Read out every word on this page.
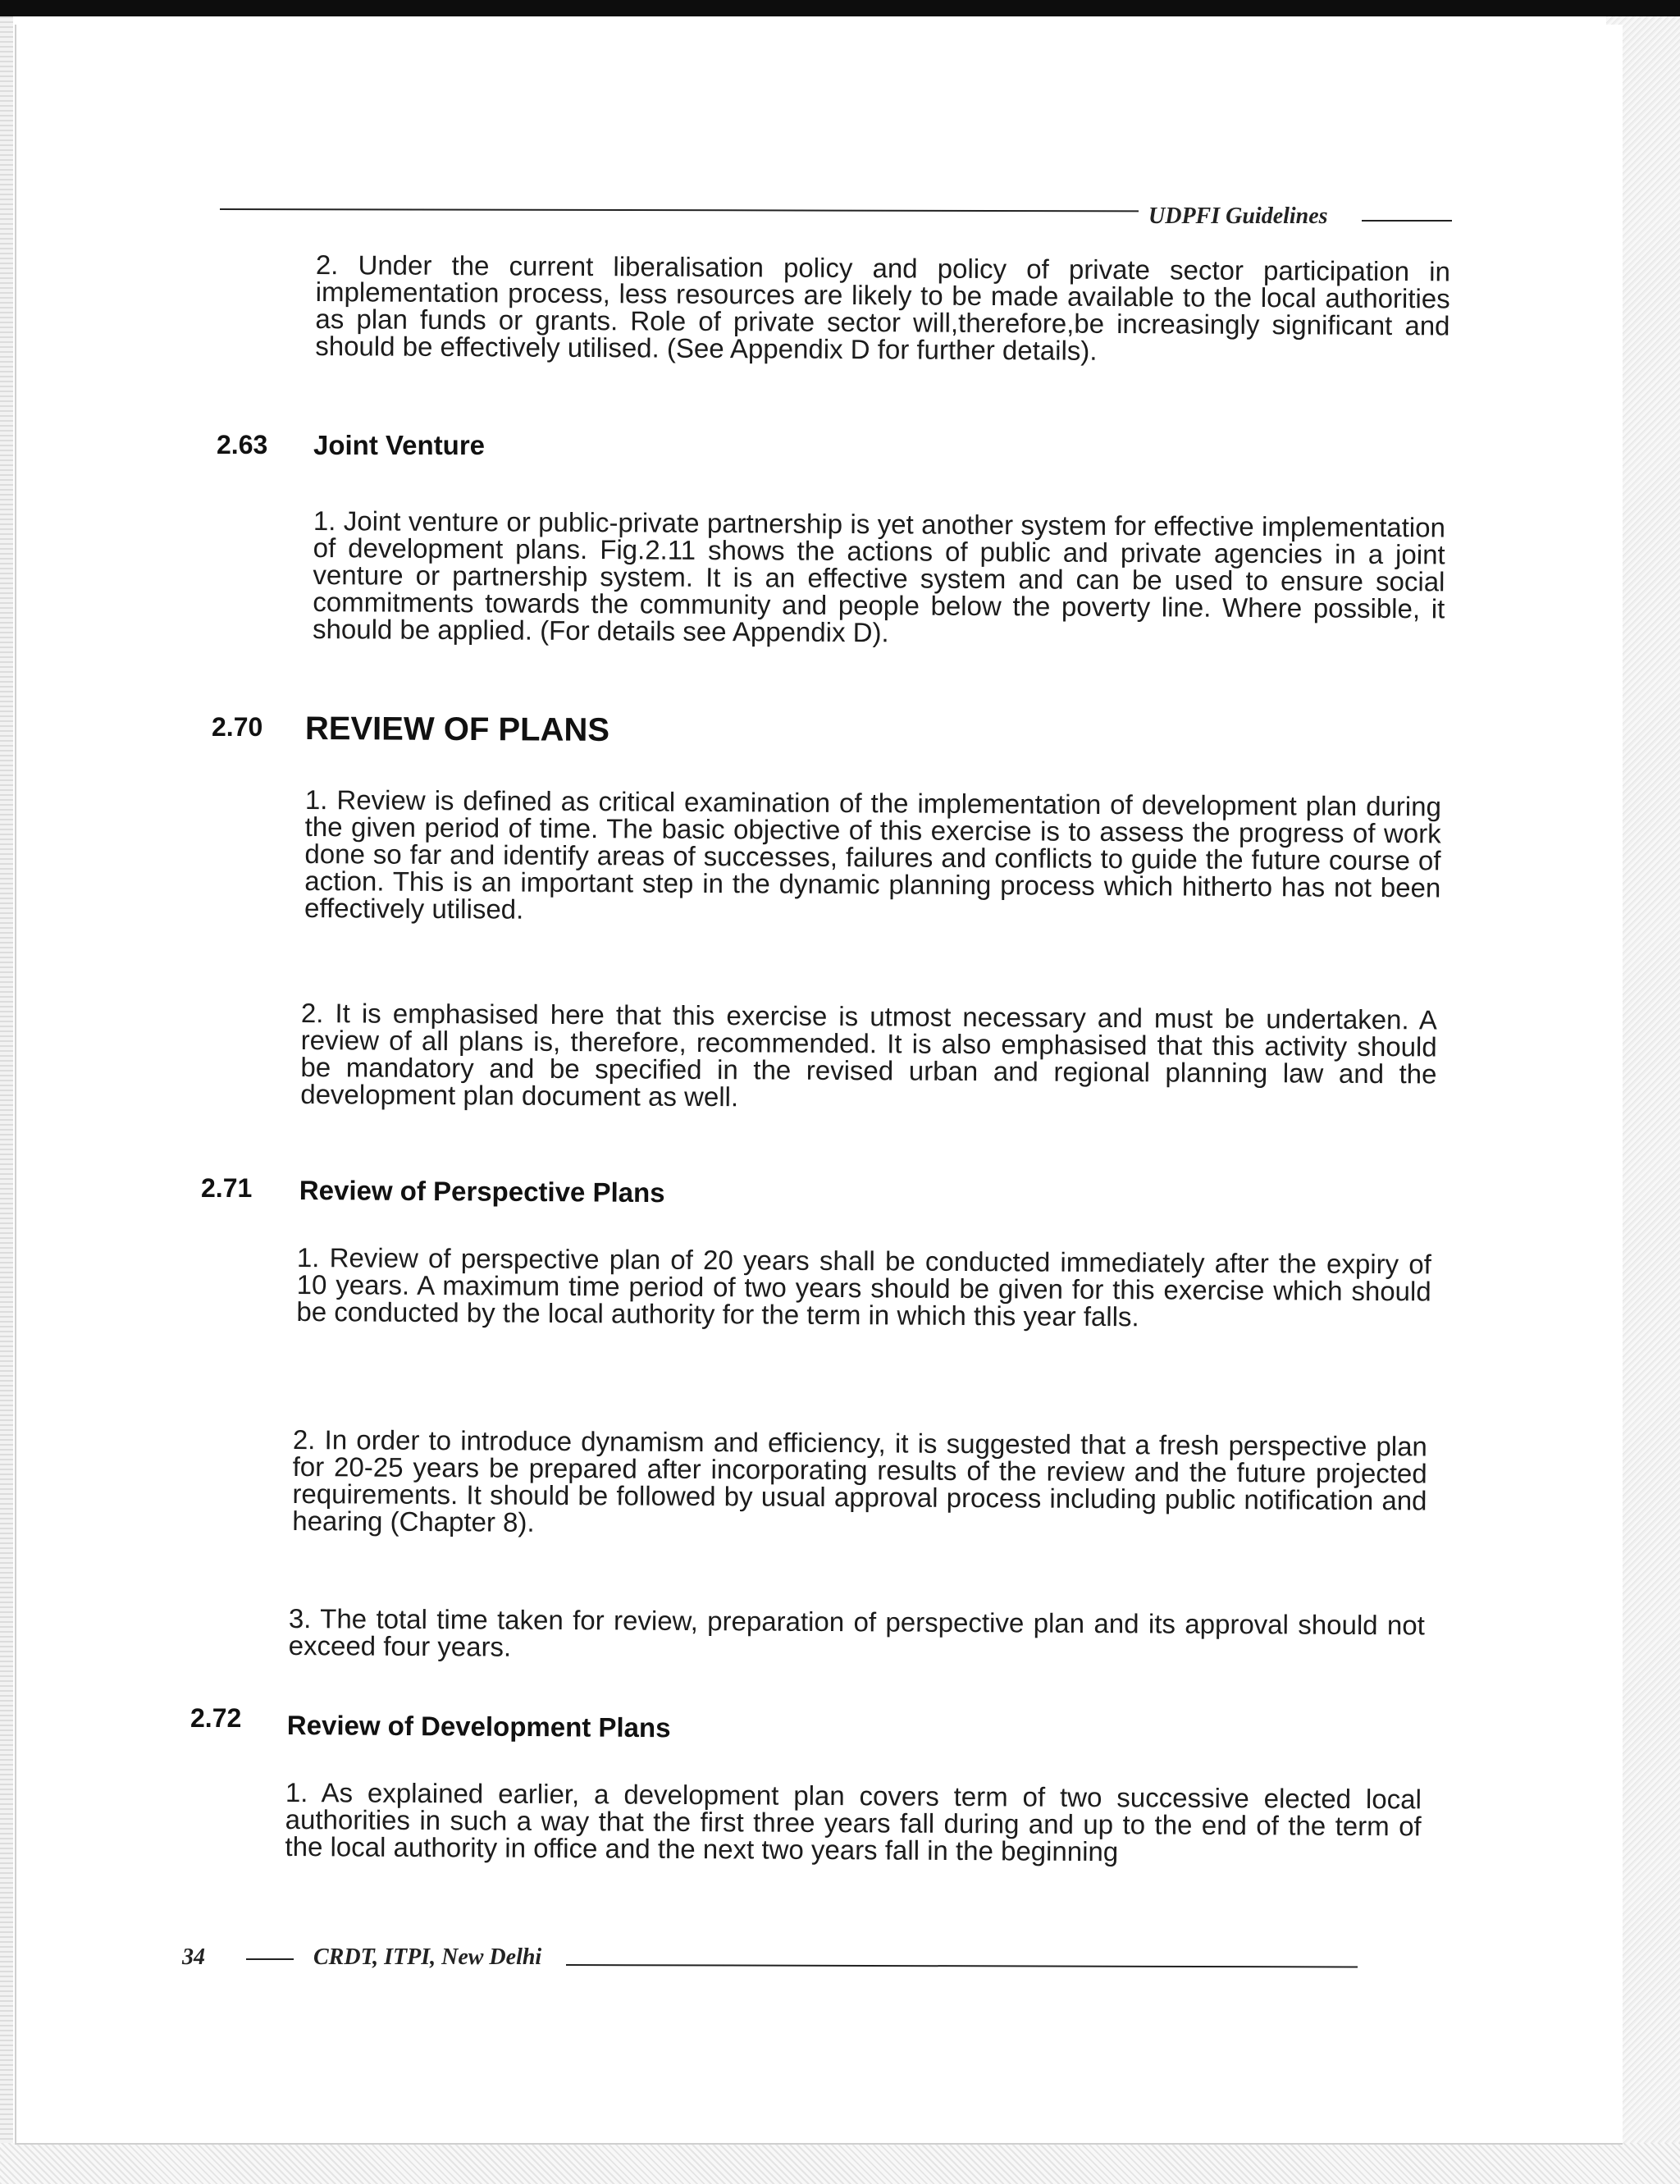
UDPFI Guidelines

2. Under the current liberalisation policy and policy of private sector participation in implementation process, less resources are likely to be made available to the local authorities as plan funds or grants. Role of private sector will,therefore,be increasingly significant and should be effectively utilised. (See Appendix D for further details).

2.63 Joint Venture

1. Joint venture or public-private partnership is yet another system for effective implementation of development plans. Fig.2.11 shows the actions of public and private agencies in a joint venture or partnership system. It is an effective system and can be used to ensure social commitments towards the community and people below the poverty line. Where possible, it should be applied. (For details see Appendix D).

2.70 REVIEW OF PLANS

1. Review is defined as critical examination of the implementation of development plan during the given period of time. The basic objective of this exercise is to assess the progress of work done so far and identify areas of successes, failures and conflicts to guide the future course of action. This is an important step in the dynamic planning process which hitherto has not been effectively utilised.

2. It is emphasised here that this exercise is utmost necessary and must be undertaken. A review of all plans is, therefore, recommended. It is also emphasised that this activity should be mandatory and be specified in the revised urban and regional planning law and the development plan document as well.

2.71 Review of Perspective Plans

1. Review of perspective plan of 20 years shall be conducted immediately after the expiry of 10 years. A maximum time period of two years should be given for this exercise which should be conducted by the local authority for the term in which this year falls.

2. In order to introduce dynamism and efficiency, it is suggested that a fresh perspective plan for 20-25 years be prepared after incorporating results of the review and the future projected requirements. It should be followed by usual approval process including public notification and hearing (Chapter 8).

3. The total time taken for review, preparation of perspective plan and its approval should not exceed four years.

2.72 Review of Development Plans

1. As explained earlier, a development plan covers term of two successive elected local authorities in such a way that the first three years fall during and up to the end of the term of the local authority in office and the next two years fall in the beginning

34	CRDT, ITPI, New Delhi
